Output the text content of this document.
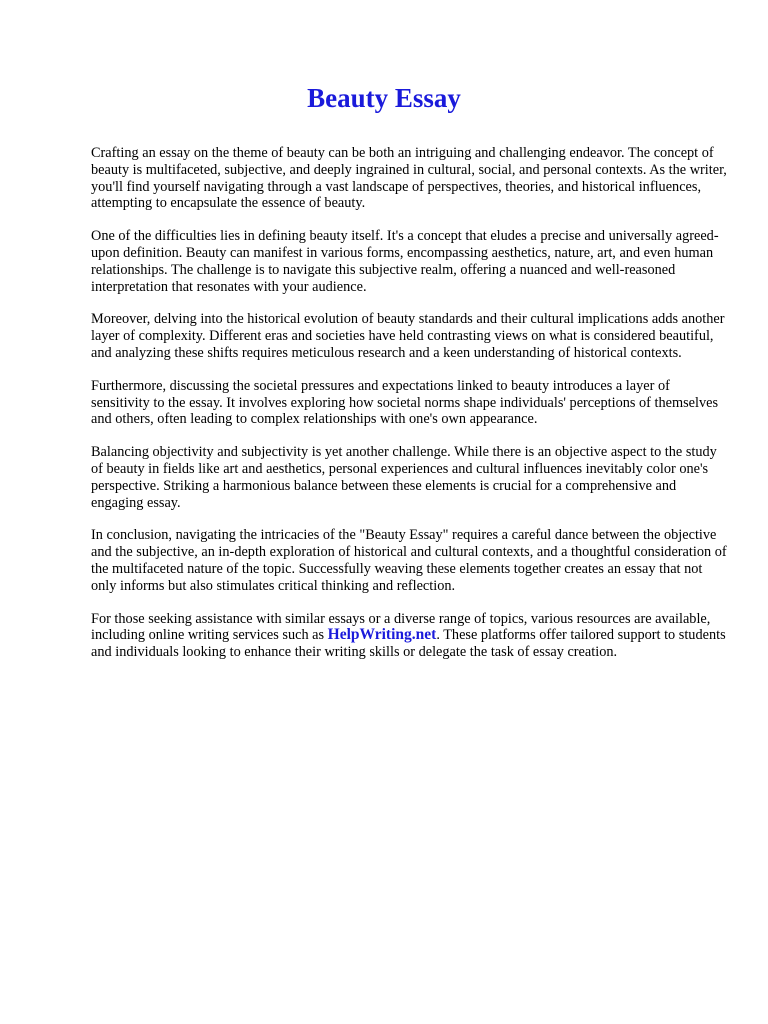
Beauty Essay

Crafting an essay on the theme of beauty can be both an intriguing and challenging endeavor. The concept of beauty is multifaceted, subjective, and deeply ingrained in cultural, social, and personal contexts. As the writer, you'll find yourself navigating through a vast landscape of perspectives, theories, and historical influences, attempting to encapsulate the essence of beauty.

One of the difficulties lies in defining beauty itself. It's a concept that eludes a precise and universally agreed-upon definition. Beauty can manifest in various forms, encompassing aesthetics, nature, art, and even human relationships. The challenge is to navigate this subjective realm, offering a nuanced and well-reasoned interpretation that resonates with your audience.

Moreover, delving into the historical evolution of beauty standards and their cultural implications adds another layer of complexity. Different eras and societies have held contrasting views on what is considered beautiful, and analyzing these shifts requires meticulous research and a keen understanding of historical contexts.

Furthermore, discussing the societal pressures and expectations linked to beauty introduces a layer of sensitivity to the essay. It involves exploring how societal norms shape individuals' perceptions of themselves and others, often leading to complex relationships with one's own appearance.

Balancing objectivity and subjectivity is yet another challenge. While there is an objective aspect to the study of beauty in fields like art and aesthetics, personal experiences and cultural influences inevitably color one's perspective. Striking a harmonious balance between these elements is crucial for a comprehensive and engaging essay.

In conclusion, navigating the intricacies of the "Beauty Essay" requires a careful dance between the objective and the subjective, an in-depth exploration of historical and cultural contexts, and a thoughtful consideration of the multifaceted nature of the topic. Successfully weaving these elements together creates an essay that not only informs but also stimulates critical thinking and reflection.

For those seeking assistance with similar essays or a diverse range of topics, various resources are available, including online writing services such as HelpWriting.net. These platforms offer tailored support to students and individuals looking to enhance their writing skills or delegate the task of essay creation.
